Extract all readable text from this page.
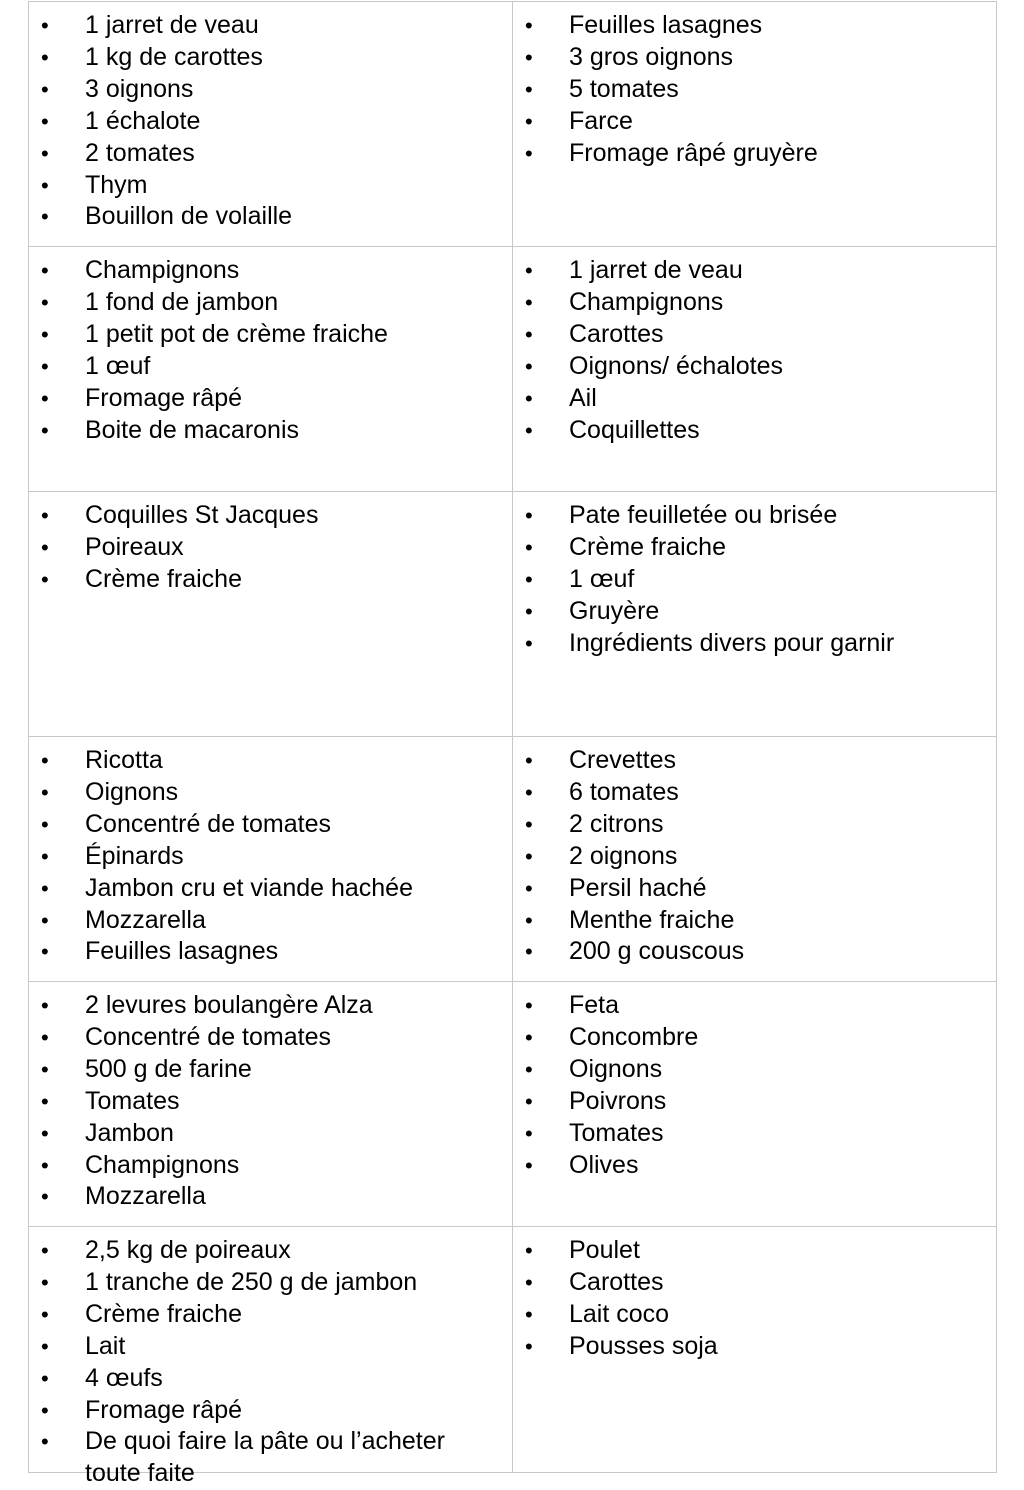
• 1 jarret de veau
• 1 kg de carottes
• 3 oignons
• 1 échalote
• 2 tomates
• Thym
• Bouillon de volaille
• Feuilles lasagnes
• 3 gros oignons
• 5 tomates
• Farce
• Fromage râpé gruyère
• Champignons
• 1 fond de jambon
• 1 petit pot de crème fraiche
• 1 œuf
• Fromage râpé
• Boite de macaronis
• 1 jarret de veau
• Champignons
• Carottes
• Oignons/ échalotes
• Ail
• Coquillettes
• Coquilles St Jacques
• Poireaux
• Crème fraiche
• Pate feuilletée ou brisée
• Crème fraiche
• 1 œuf
• Gruyère
• Ingrédients divers pour garnir
• Ricotta
• Oignons
• Concentré de tomates
• Épinards
• Jambon cru et viande hachée
• Mozzarella
• Feuilles lasagnes
• Crevettes
• 6 tomates
• 2 citrons
• 2 oignons
• Persil haché
• Menthe fraiche
• 200 g couscous
• 2 levures boulangère Alza
• Concentré de tomates
• 500 g de farine
• Tomates
• Jambon
• Champignons
• Mozzarella
• Feta
• Concombre
• Oignons
• Poivrons
• Tomates
• Olives
• 2,5 kg de poireaux
• 1 tranche de 250 g de jambon
• Crème fraiche
• Lait
• 4 œufs
• Fromage râpé
• De quoi faire la pâte ou l’acheter toute faite
• Poulet
• Carottes
• Lait coco
• Pousses soja
